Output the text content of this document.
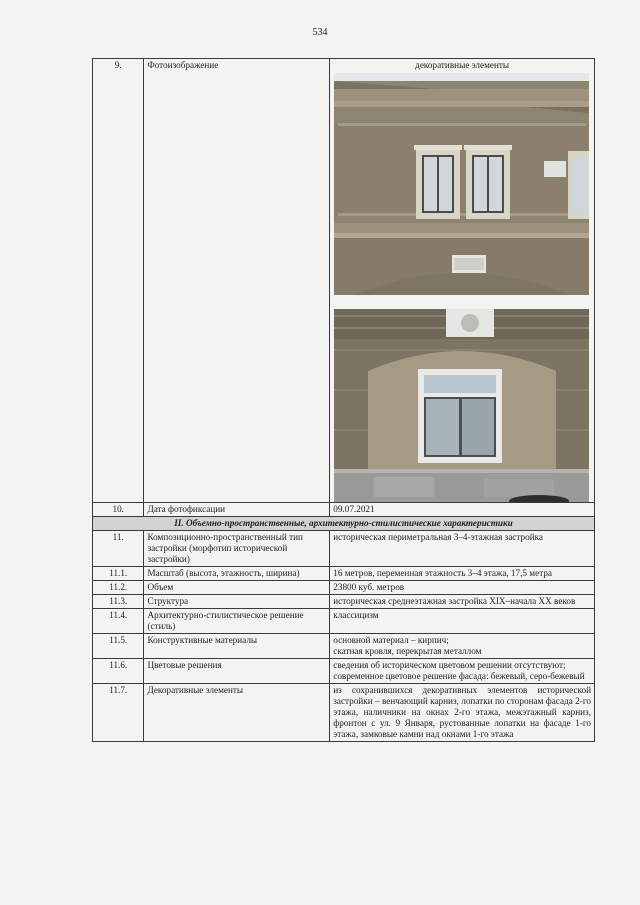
534
9.	Фотоизображение	декоративные элементы

10.	Дата фотофиксации	09.07.2021
II. Объемно-пространственные, архитектурно-стилистические характеристики		
11.	Композиционно-пространственный тип застройки (морфотип исторической застройки)	историческая периметральная 3–4-этажная застройка
11.1.	Масштаб (высота, этажность, ширина)	16 метров, переменная этажность 3–4 этажа, 17,5 метра
11.2.	Объем	23800 куб. метров
11.3.	Структура	историческая среднеэтажная застройка XIX–начала XX веков
11.4.	Архитектурно-стилистическое решение (стиль)	классицизм
11.5.	Конструктивные материалы	основной материал – кирпич;
скатная кровля, перекрытая металлом

11.6.	Цветовые решения	сведения об историческом цветовом решении отсутствуют;
современное цветовое решение фасада: бежевый, серо-бежевый

11.7.	Декоративные элементы	из сохранившихся декоративных элементов исторической застройки – венчающий карниз, лопатки по сторонам фасада 2-го этажа, наличники на окнах 2-го этажа, межэтажный карниз, фронтон с ул. 9 Января, рустованные лопатки на фасаде 1-го этажа, замковые камни над окнами 1-го этажа
